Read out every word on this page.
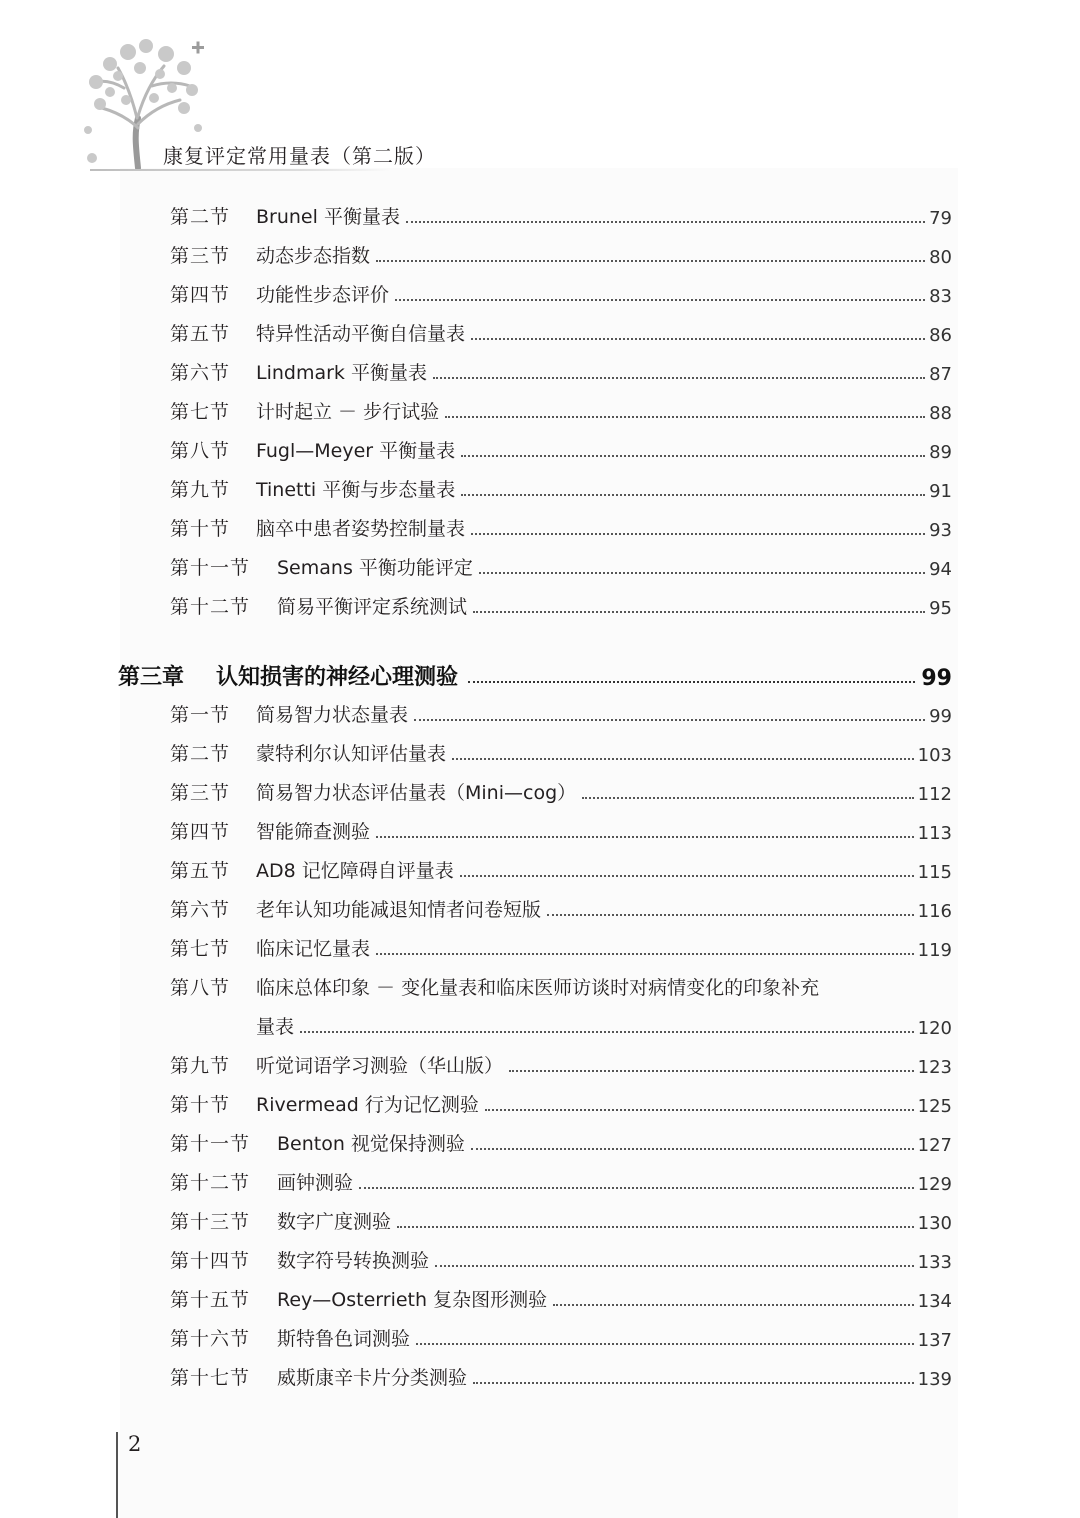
康复评定常用量表（第二版）
第二节	Brunel 平衡量表	79
第三节	动态步态指数	80
第四节	功能性步态评价	83
第五节	特异性活动平衡自信量表	86
第六节	Lindmark 平衡量表	87
第七节	计时起立 － 步行试验	88
第八节	Fugl—Meyer 平衡量表	89
第九节	Tinetti 平衡与步态量表	91
第十节	脑卒中患者姿势控制量表	93
第十一节	Semans 平衡功能评定	94
第十二节	简易平衡评定系统测试	95
第三章	认知损害的神经心理测验	99
第一节	简易智力状态量表	99
第二节	蒙特利尔认知评估量表	103
第三节	简易智力状态评估量表（Mini—cog）	112
第四节	智能筛查测验	113
第五节	AD8 记忆障碍自评量表	115
第六节	老年认知功能减退知情者问卷短版	116
第七节	临床记忆量表	119
第八节	临床总体印象 － 变化量表和临床医师访谈时对病情变化的印象补充
量表	120
第九节	听觉词语学习测验（华山版）	123
第十节	Rivermead 行为记忆测验	125
第十一节	Benton 视觉保持测验	127
第十二节	画钟测验	129
第十三节	数字广度测验	130
第十四节	数字符号转换测验	133
第十五节	Rey—Osterrieth 复杂图形测验	134
第十六节	斯特鲁色词测验	137
第十七节	威斯康辛卡片分类测验	139
2
